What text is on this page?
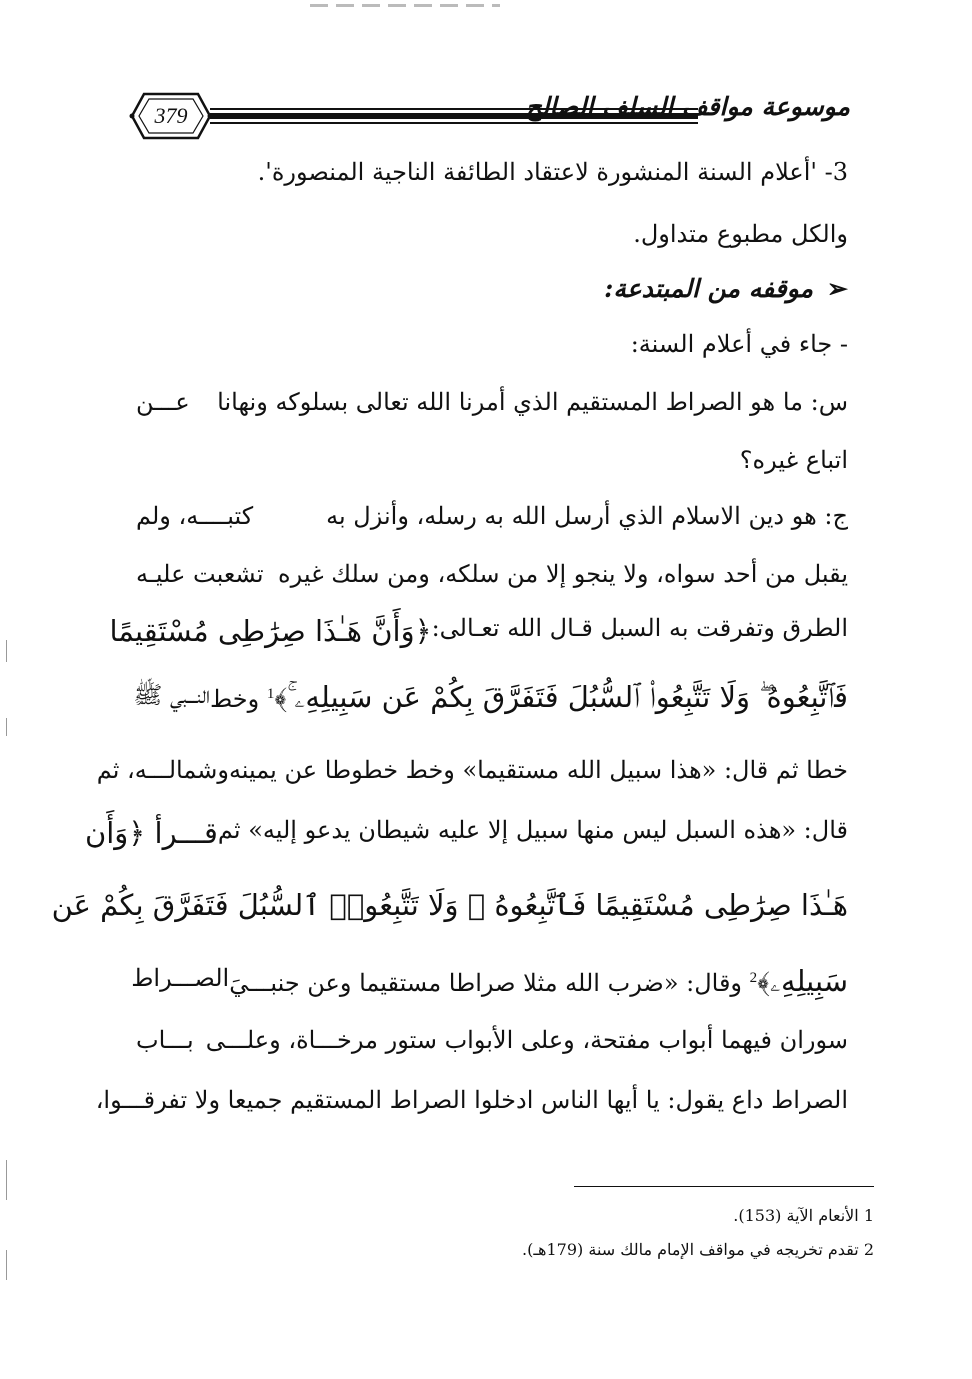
379	موسوعة مواقف السلف الصالح
3- 'أعلام السنة المنشورة لاعتقاد الطائفة الناجية المنصورة'.
والكل مطبوع متداول.
➢موقفه من المبتدعة:
- جاء في أعلام السنة:
س: ما هو الصراط المستقيم الذي أمرنا الله تعالى بسلوكه ونهانا
عـــن
اتباع غيره؟
ج: هو دين الاسلام الذي أرسل الله به رسله، وأنزل به
كتبــــه، ولم
يقبل من أحد سواه، ولا ينجو إلا من سلكه، ومن سلك غيره
تشعبت عليـه
الطرق وتفرقت به السبل قـال الله تعـالى:
﴿وَأَنَّ هَـٰذَا صِرَٰطِى مُسْتَقِيمًا
فَٱتَّبِعُوهُ ۖ وَلَا تَتَّبِعُوا۟ ٱلسُّبُلَ فَتَفَرَّقَ بِكُمْ عَن سَبِيلِهِۦ ۚ﴾$^1$ وخط
النـــبي ﷺ
خطا ثم قال: «هذا سبيل الله مستقيما» وخط خطوطا عن يمينه
وشمالـــه، ثم
قال: «هذه السبل ليس منها سبيل إلا عليه شيطان يدعو إليه» ثم
قـــرأ ﴿وَأَن
هَـٰذَا صِرَٰطِى مُسْتَقِيمًا فَٱتَّبِعُوهُ ۖ وَلَا تَتَّبِعُوا۟ ٱلسُّبُلَ فَتَفَرَّقَ بِكُمْ عَن
سَبِيلِهِۦ﴾$^2$ وقال: «ضرب الله مثلا صراطا مستقيما وعن جنبـــيَ
الصـــراط
سوران فيهما أبواب مفتحة، وعلى الأبواب ستور مرخـــاة، وعلـــى
بـــاب
الصراط داع يقول: يا أيها الناس ادخلوا الصراط المستقيم جميعا ولا تفرقـــوا،
1 الأنعام الآية (153).
2 تقدم تخريجه في مواقف الإمام مالك سنة (179هـ).
